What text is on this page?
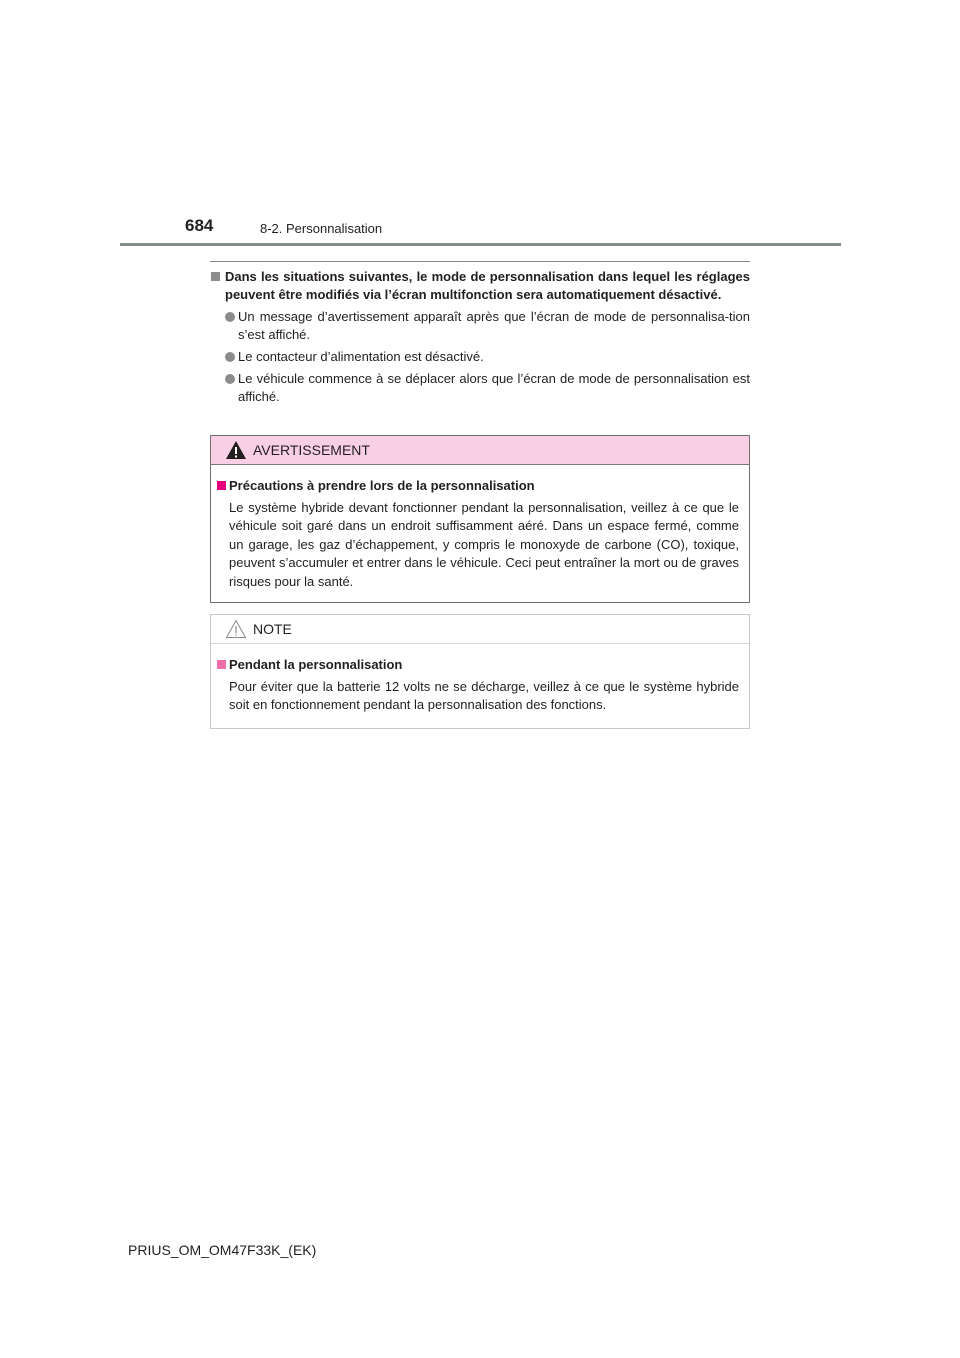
684	8-2. Personnalisation

Dans les situations suivantes, le mode de personnalisation dans lequel les réglages peuvent être modifiés via l’écran multifonction sera automatiquement désactivé.

Un message d’avertissement apparaît après que l’écran de mode de personnalisa-tion s’est affiché.

Le contacteur d’alimentation est désactivé.

Le véhicule commence à se déplacer alors que l’écran de mode de personnalisation est affiché.

AVERTISSEMENT

Précautions à prendre lors de la personnalisation

Le système hybride devant fonctionner pendant la personnalisation, veillez à ce que le véhicule soit garé dans un endroit suffisamment aéré. Dans un espace fermé, comme un garage, les gaz d’échappement, y compris le monoxyde de carbone (CO), toxique, peuvent s’accumuler et entrer dans le véhicule. Ceci peut entraîner la mort ou de graves risques pour la santé.

NOTE

Pendant la personnalisation

Pour éviter que la batterie 12 volts ne se décharge, veillez à ce que le système hybride soit en fonctionnement pendant la personnalisation des fonctions.

PRIUS_OM_OM47F33K_(EK)
